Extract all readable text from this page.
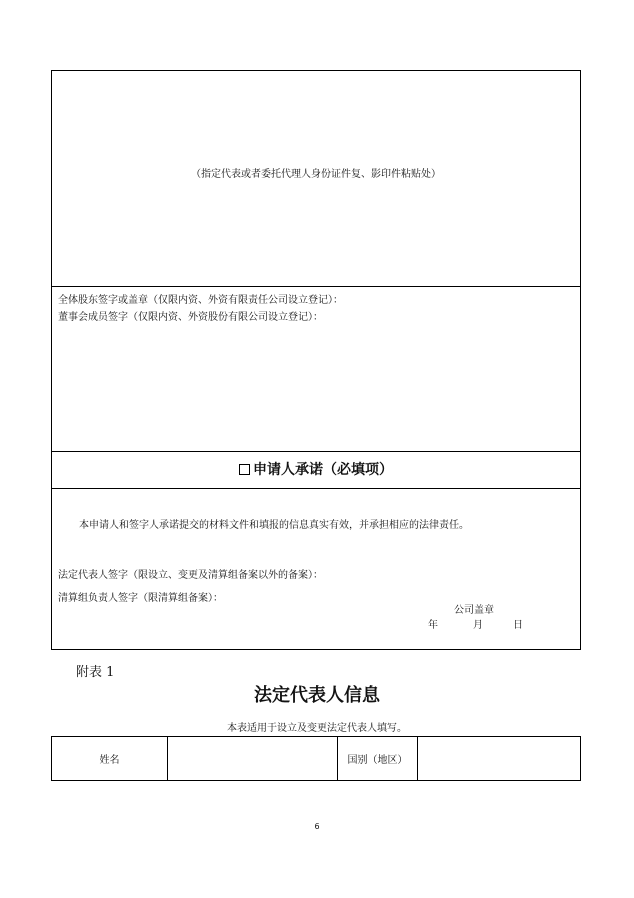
（指定代表或者委托代理人身份证件复、影印件粘贴处）
全体股东签字或盖章（仅限内资、外资有限责任公司设立登记）：
董事会成员签字（仅限内资、外资股份有限公司设立登记）：
申请人承诺（必填项）
本申请人和签字人承诺提交的材料文件和填报的信息真实有效，并承担相应的法律责任。
法定代表人签字（限设立、变更及清算组备案以外的备案）：
清算组负责人签字（限清算组备案）：
公司盖章
年	月	日
附表 1
法定代表人信息
本表适用于设立及变更法定代表人填写。
姓名	国别（地区）
6
